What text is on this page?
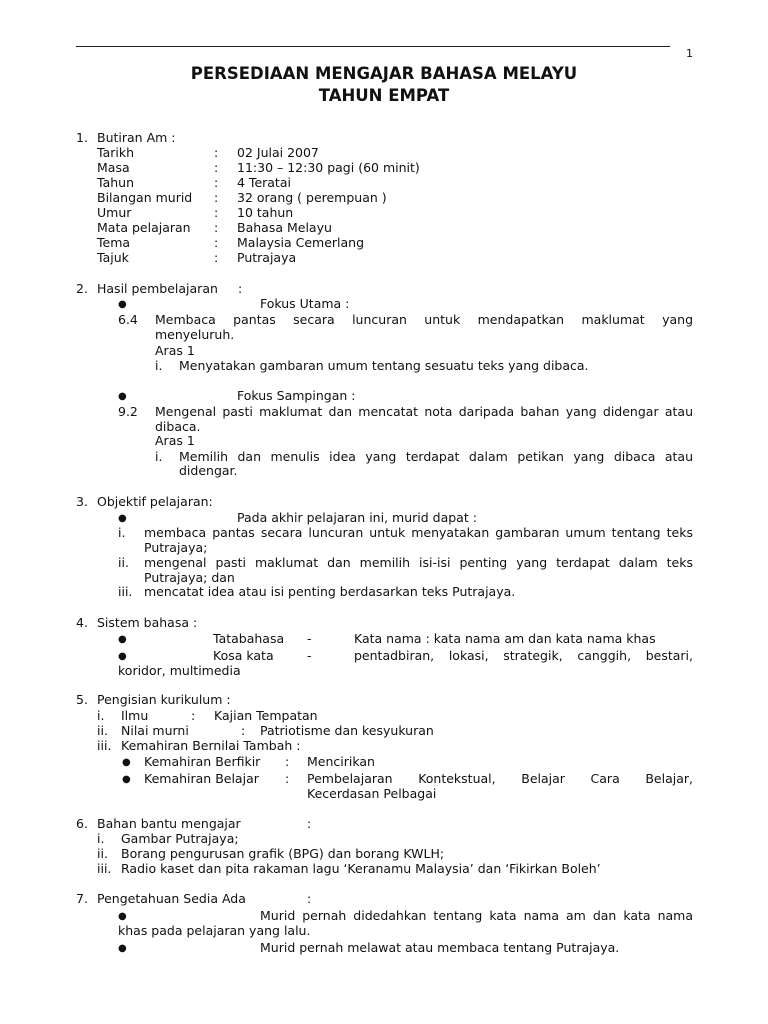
1
PERSEDIAAN MENGAJAR BAHASA MELAYU
TAHUN EMPAT
1. Butiran Am :
Tarikh	: 02 Julai 2007
Masa	: 11:30 – 12:30 pagi (60 minit)
Tahun	: 4 Teratai
Bilangan murid : 32 orang ( perempuan )
Umur	: 10 tahun
Mata pelajaran : Bahasa Melayu
Tema	: Malaysia Cemerlang
Tajuk	: Putrajaya
2. Hasil pembelajaran :
●	Fokus Utama :
6.4 Membaca pantas secara luncuran untuk mendapatkan maklumat yang
menyeluruh.
Aras 1
i. Menyatakan gambaran umum tentang sesuatu teks yang dibaca.
●	Fokus Sampingan :
9.2 Mengenal pasti maklumat dan mencatat nota daripada bahan yang didengar atau
dibaca.
Aras 1
i. Memilih dan menulis idea yang terdapat dalam petikan yang dibaca atau
didengar.
3. Objektif pelajaran:
●	Pada akhir pelajaran ini, murid dapat :
i. membaca pantas secara luncuran untuk menyatakan gambaran umum tentang teks
Putrajaya;
ii. mengenal pasti maklumat dan memilih isi-isi penting yang terdapat dalam teks
Putrajaya; dan
iii. mencatat idea atau isi penting berdasarkan teks Putrajaya.
4. Sistem bahasa :
●	Tatabahasa -	Kata nama : kata nama am dan kata nama khas
●	Kosa kata	-	pentadbiran, lokasi, strategik, canggih, bestari,
koridor, multimedia
5. Pengisian kurikulum :
i. Ilmu	: Kajian Tempatan
ii. Nilai murni	: Patriotisme dan kesyukuran
iii. Kemahiran Bernilai Tambah :
● Kemahiran Berfikir : Mencirikan
● Kemahiran Belajar : Pembelajaran Kontekstual, Belajar Cara Belajar,
Kecerdasan Pelbagai
6. Bahan bantu mengajar	:
i. Gambar Putrajaya;
ii. Borang pengurusan grafik (BPG) dan borang KWLH;
iii. Radio kaset dan pita rakaman lagu ‘Keranamu Malaysia’ dan ‘Fikirkan Boleh’
7. Pengetahuan Sedia Ada	:
●	Murid pernah didedahkan tentang kata nama am dan kata nama
khas pada pelajaran yang lalu.
●	Murid pernah melawat atau membaca tentang Putrajaya.
